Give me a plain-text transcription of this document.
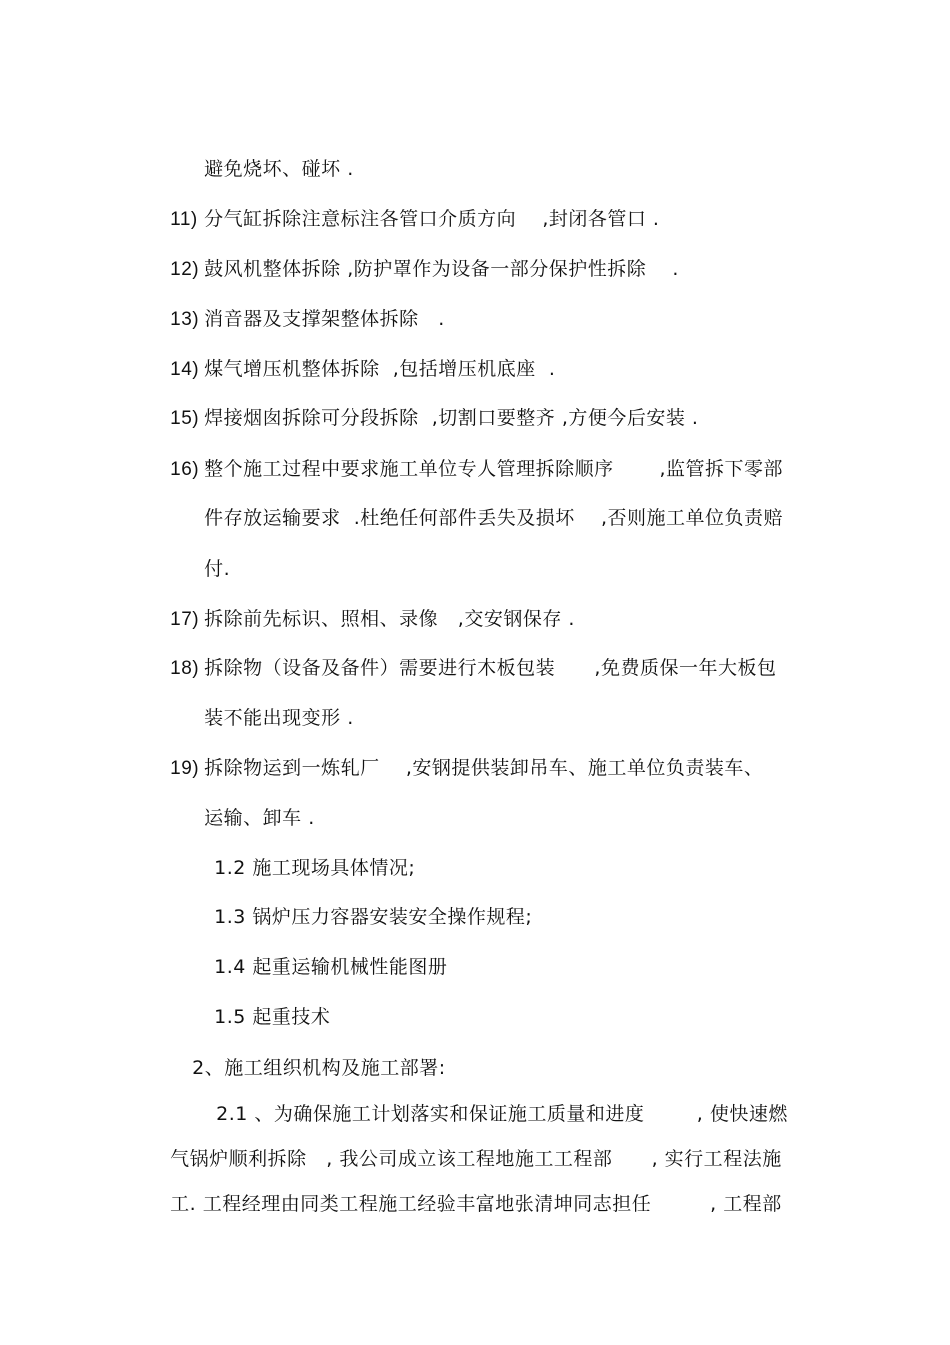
避免烧坏、碰坏 .

11) 分气缸拆除注意标注各管口介质方向    ,封闭各管口 .

12) 鼓风机整体拆除 ,防护罩作为设备一部分保护性拆除    .

13) 消音器及支撑架整体拆除   .

14) 煤气增压机整体拆除  ,包括增压机底座  .

15) 焊接烟囱拆除可分段拆除  ,切割口要整齐 ,方便今后安装 .

16) 整个施工过程中要求施工单位专人管理拆除顺序       ,监管拆下零部

件存放运输要求  .杜绝任何部件丢失及损坏    ,否则施工单位负责赔

付.

17) 拆除前先标识、照相、录像   ,交安钢保存 .

18) 拆除物（设备及备件）需要进行木板包装      ,免费质保一年大板包

装不能出现变形 .

19) 拆除物运到一炼轧厂    ,安钢提供装卸吊车、施工单位负责装车、

运输、卸车 .

1.2 施工现场具体情况;

1.3 锅炉压力容器安装安全操作规程;

1.4 起重运输机械性能图册

1.5 起重技术

2、施工组织机构及施工部署:

2.1 、为确保施工计划落实和保证施工质量和进度        , 使快速燃

气锅炉顺利拆除   , 我公司成立该工程地施工工程部      , 实行工程法施

工. 工程经理由同类工程施工经验丰富地张清坤同志担任         , 工程部
